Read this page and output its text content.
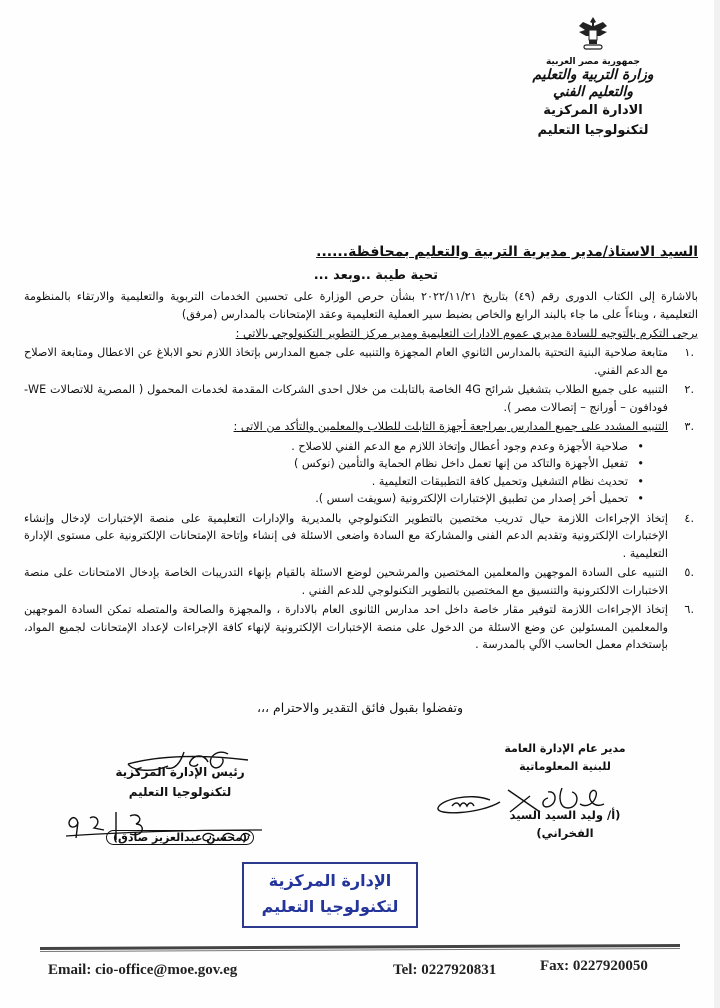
جمهورية مصر العربية
وزارة التربية والتعليم
والتعليم الفني
الادارة المركزية
لتكنولوجيا التعليم
السيد الاستاذ/مدير مديرية التربية والتعليم بمحافظة......
تحية طيبة ..وبعد ...

بالاشارة إلى الكتاب الدورى رقم (٤٩) بتاريخ ٢٠٢٢/١١/٢١ بشأن حرص الوزارة على تحسين الخدمات التربوية والتعليمية والارتقاء بالمنظومة التعليمية ، وبناءاً على ما جاء بالبند الرابع والخاص بضبط سير العملية التعليمية وعقد الإمتحانات بالمدارس (مرفق)

يرجى التكرم بالتوجيه للسادة مديري عموم الادارات التعليمية ومدير مركز التطوير التكنولوجي بالاتي :
.١
متابعة صلاحية البنية التحتية بالمدارس الثانوي العام المجهزة والتنبيه على جميع المدارس بإتخاذ اللازم نحو الابلاغ عن الاعطال ومتابعة الاصلاح مع الدعم الفني.
.٢
التنبيه على جميع الطلاب بتشغيل شرائح 4G الخاصة بالتابلت من خلال احدى الشركات المقدمة لخدمات المحمول ( المصرية للاتصالات WE- فودافون – أورانج – إتصالات مصر ).
.٣
التنبيه المشدد على جميع المدارس بمراجعة أجهزة التابلت للطلاب والمعلمين والتأكد من الاتى :
• صلاحية الأجهزة وعدم وجود أعطال وإتخاذ اللازم مع الدعم الفني للاصلاح .
• تفعيل الأجهزة والتاكد من إنها تعمل داخل نظام الحماية والتأمين (نوكس )
• تحديث نظام التشغيل وتحميل كافة التطبيقات التعليمية .
• تحميل أخر إصدار من تطبيق الإختبارات الإلكترونية (سويفت اسس ).
.٤
إتخاذ الإجراءات اللازمة حيال تدريب مختصين بالتطوير التكنولوجي بالمديرية والإدارات التعليمية على منصة الإختبارات لإدخال وإنشاء الإختبارات الإلكترونية وتقديم الدعم الفنى والمشاركة مع السادة واضعى الاسئلة فى إنشاء وإتاحة الإمتحانات الإلكترونية على مستوى الإدارة التعليمية .
.٥
التنبيه على السادة الموجهين والمعلمين المختصين والمرشحين لوضع الاسئلة بالقيام بإنهاء التدريبات الخاصة بإدخال الامتحانات على منصة الاختبارات الالكترونية والتنسيق مع المختصين بالتطوير التكنولوجي للدعم الفني .
.٦
إتخاذ الإجراءات اللازمة لتوفير مقار خاصة داخل احد مدارس الثانوى العام بالادارة ، والمجهزة والصالحة والمتصله تمكن السادة الموجهين والمعلمين المسئولين عن وضع الاسئلة من الدخول على منصة الإختبارات الإلكترونية لإنهاء كافة الإجراءات لإعداد الإمتحانات لجميع المواد، بإستخدام معمل الحاسب الآلي بالمدرسة .
وتفضلوا بقبول فائق التقدير والاحترام ،،،
مدير عام الإدارة العامة
للبنية المعلوماتية
(أ/ وليد السيد السيد الفخراني)
رئيس الإدارة المركزية
لتكنولوجيا التعليم
(محسن عبدالعزيز صادق)
الإدارة المركزية
لتكنولوجيا التعليم
Email: cio-office@moe.gov.eg	Tel: 0227920831	Fax: 0227920050
